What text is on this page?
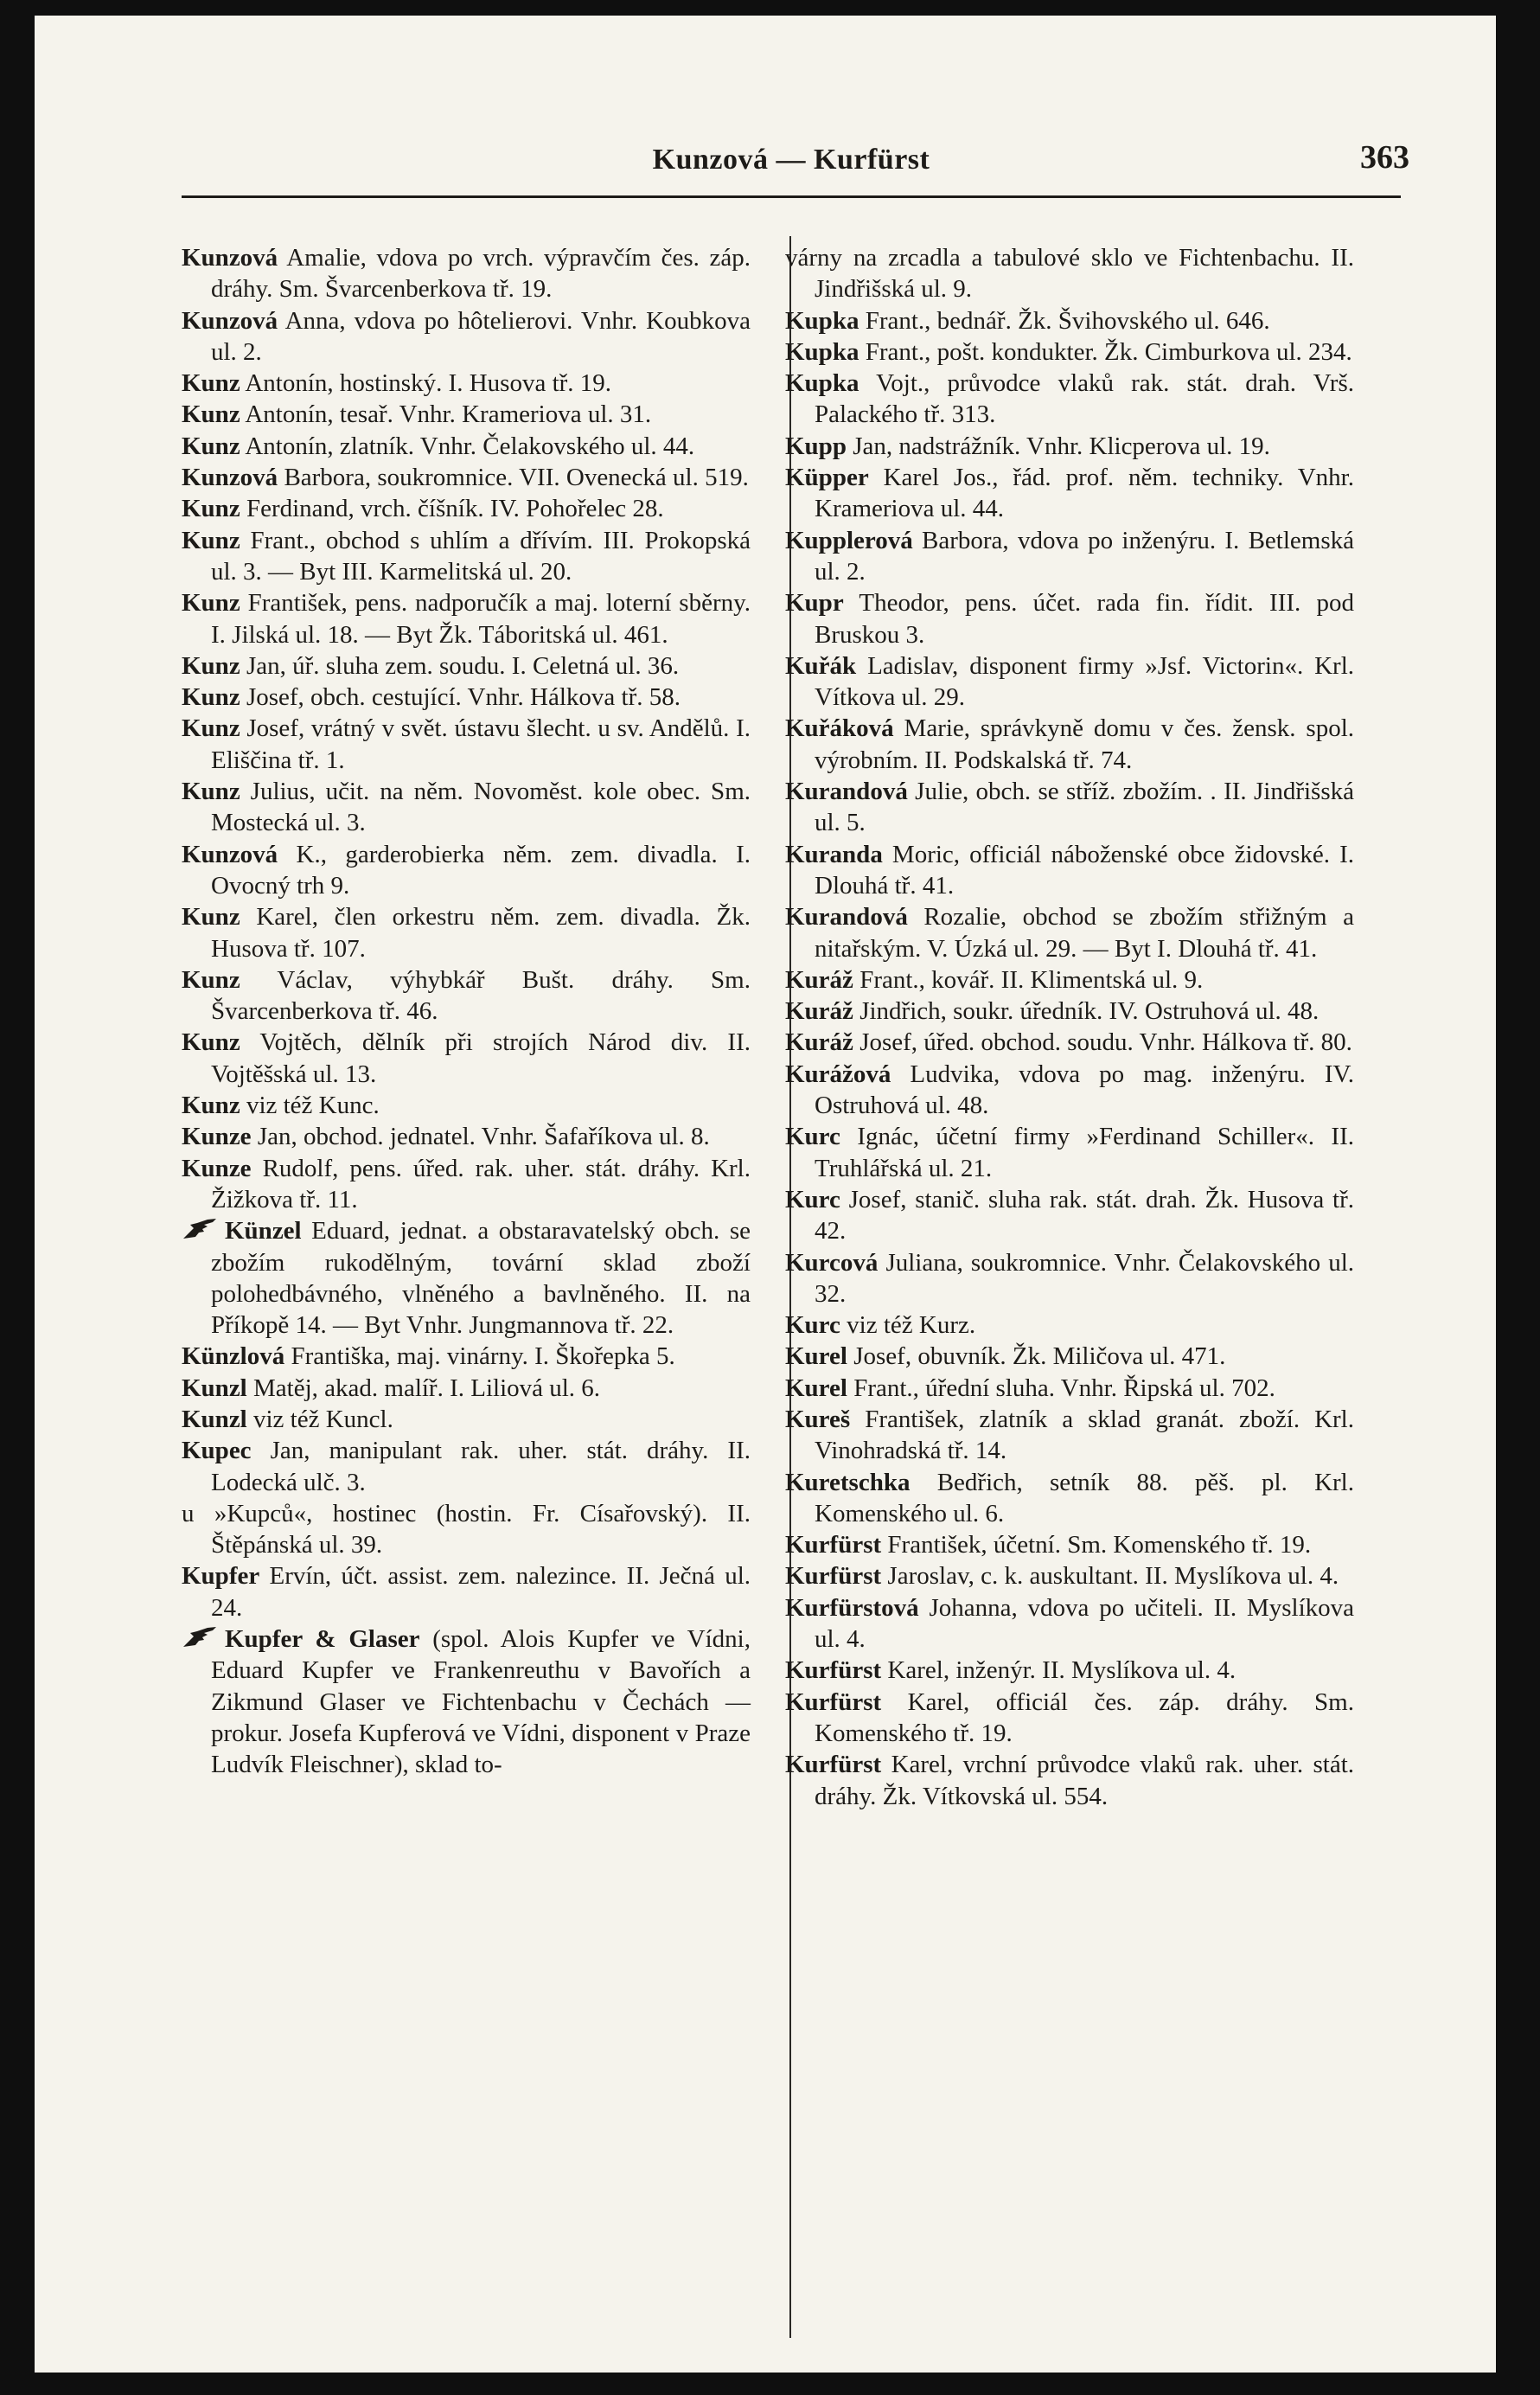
Kunzová — Kurfürst	363

Kunzová Amalie, vdova po vrch. výpravčím čes. záp. dráhy. Sm. Švarcenberkova tř. 19.

Kunzová Anna, vdova po hôtelierovi. Vnhr. Koubkova ul. 2.

Kunz Antonín, hostinský. I. Husova tř. 19.

Kunz Antonín, tesař. Vnhr. Krameriova ul. 31.

Kunz Antonín, zlatník. Vnhr. Čelakovského ul. 44.

Kunzová Barbora, soukromnice. VII. Ovenecká ul. 519.

Kunz Ferdinand, vrch. číšník. IV. Pohořelec 28.

Kunz Frant., obchod s uhlím a dřívím. III. Prokopská ul. 3. — Byt III. Karmelitská ul. 20.

Kunz František, pens. nadporučík a maj. loterní sběrny. I. Jilská ul. 18. — Byt Žk. Táboritská ul. 461.

Kunz Jan, úř. sluha zem. soudu. I. Celetná ul. 36.

Kunz Josef, obch. cestující. Vnhr. Hálkova tř. 58.

Kunz Josef, vrátný v svět. ústavu šlecht. u sv. Andělů. I. Eliščina tř. 1.

Kunz Julius, učit. na něm. Novoměst. kole obec. Sm. Mostecká ul. 3.

Kunzová K., garderobierka něm. zem. divadla. I. Ovocný trh 9.

Kunz Karel, člen orkestru něm. zem. divadla. Žk. Husova tř. 107.

Kunz Václav, výhybkář Bušt. dráhy. Sm. Švarcenberkova tř. 46.

Kunz Vojtěch, dělník při strojích Národ div. II. Vojtěšská ul. 13.

Kunz viz též Kunc.

Kunze Jan, obchod. jednatel. Vnhr. Šafaříkova ul. 8.

Kunze Rudolf, pens. úřed. rak. uher. stát. dráhy. Krl. Žižkova tř. 11.

Künzel Eduard, jednat. a obstaravatelský obch. se zbožím rukodělným, tovární sklad zboží polohedbávného, vlněného a bavlněného. II. na Příkopě 14. — Byt Vnhr. Jungmannova tř. 22.

Künzlová Františka, maj. vinárny. I. Škořepka 5.

Kunzl Matěj, akad. malíř. I. Liliová ul. 6.

Kunzl viz též Kuncl.

Kupec Jan, manipulant rak. uher. stát. dráhy. II. Lodecká ulč. 3.

u »Kupců«, hostinec (hostin. Fr. Císařovský). II. Štěpánská ul. 39.

Kupfer Ervín, účt. assist. zem. nalezince. II. Ječná ul. 24.

Kupfer & Glaser (spol. Alois Kupfer ve Vídni, Eduard Kupfer ve Frankenreuthu v Bavořích a Zikmund Glaser ve Fichtenbachu v Čechách — prokur. Josefa Kupferová ve Vídni, disponent v Praze Ludvík Fleischner), sklad to-

várny na zrcadla a tabulové sklo ve Fichtenbachu. II. Jindřišská ul. 9.

Kupka Frant., bednář. Žk. Švihovského ul. 646.

Kupka Frant., pošt. kondukter. Žk. Cimburkova ul. 234.

Kupka Vojt., průvodce vlaků rak. stát. drah. Vrš. Palackého tř. 313.

Kupp Jan, nadstrážník. Vnhr. Klicperova ul. 19.

Küpper Karel Jos., řád. prof. něm. techniky. Vnhr. Krameriova ul. 44.

Kupplerová Barbora, vdova po inženýru. I. Betlemská ul. 2.

Kupr Theodor, pens. účet. rada fin. řídit. III. pod Bruskou 3.

Kuřák Ladislav, disponent firmy »Jsf. Victorin«. Krl. Vítkova ul. 29.

Kuřáková Marie, správkyně domu v čes. žensk. spol. výrobním. II. Podskalská tř. 74.

Kurandová Julie, obch. se stříž. zbožím. . II. Jindřišská ul. 5.

Kuranda Moric, officiál náboženské obce židovské. I. Dlouhá tř. 41.

Kurandová Rozalie, obchod se zbožím střižným a nitařským. V. Úzká ul. 29. — Byt I. Dlouhá tř. 41.

Kuráž Frant., kovář. II. Klimentská ul. 9.

Kuráž Jindřich, soukr. úředník. IV. Ostruhová ul. 48.

Kuráž Josef, úřed. obchod. soudu. Vnhr. Hálkova tř. 80.

Kurážová Ludvika, vdova po mag. inženýru. IV. Ostruhová ul. 48.

Kurc Ignác, účetní firmy »Ferdinand Schiller«. II. Truhlářská ul. 21.

Kurc Josef, stanič. sluha rak. stát. drah. Žk. Husova tř. 42.

Kurcová Juliana, soukromnice. Vnhr. Čelakovského ul. 32.

Kurc viz též Kurz.

Kurel Josef, obuvník. Žk. Miličova ul. 471.

Kurel Frant., úřední sluha. Vnhr. Řipská ul. 702.

Kureš František, zlatník a sklad granát. zboží. Krl. Vinohradská tř. 14.

Kuretschka Bedřich, setník 88. pěš. pl. Krl. Komenského ul. 6.

Kurfürst František, účetní. Sm. Komenského tř. 19.

Kurfürst Jaroslav, c. k. auskultant. II. Myslíkova ul. 4.

Kurfürstová Johanna, vdova po učiteli. II. Myslíkova ul. 4.

Kurfürst Karel, inženýr. II. Myslíkova ul. 4.

Kurfürst Karel, officiál čes. záp. dráhy. Sm. Komenského tř. 19.

Kurfürst Karel, vrchní průvodce vlaků rak. uher. stát. dráhy. Žk. Vítkovská ul. 554.
